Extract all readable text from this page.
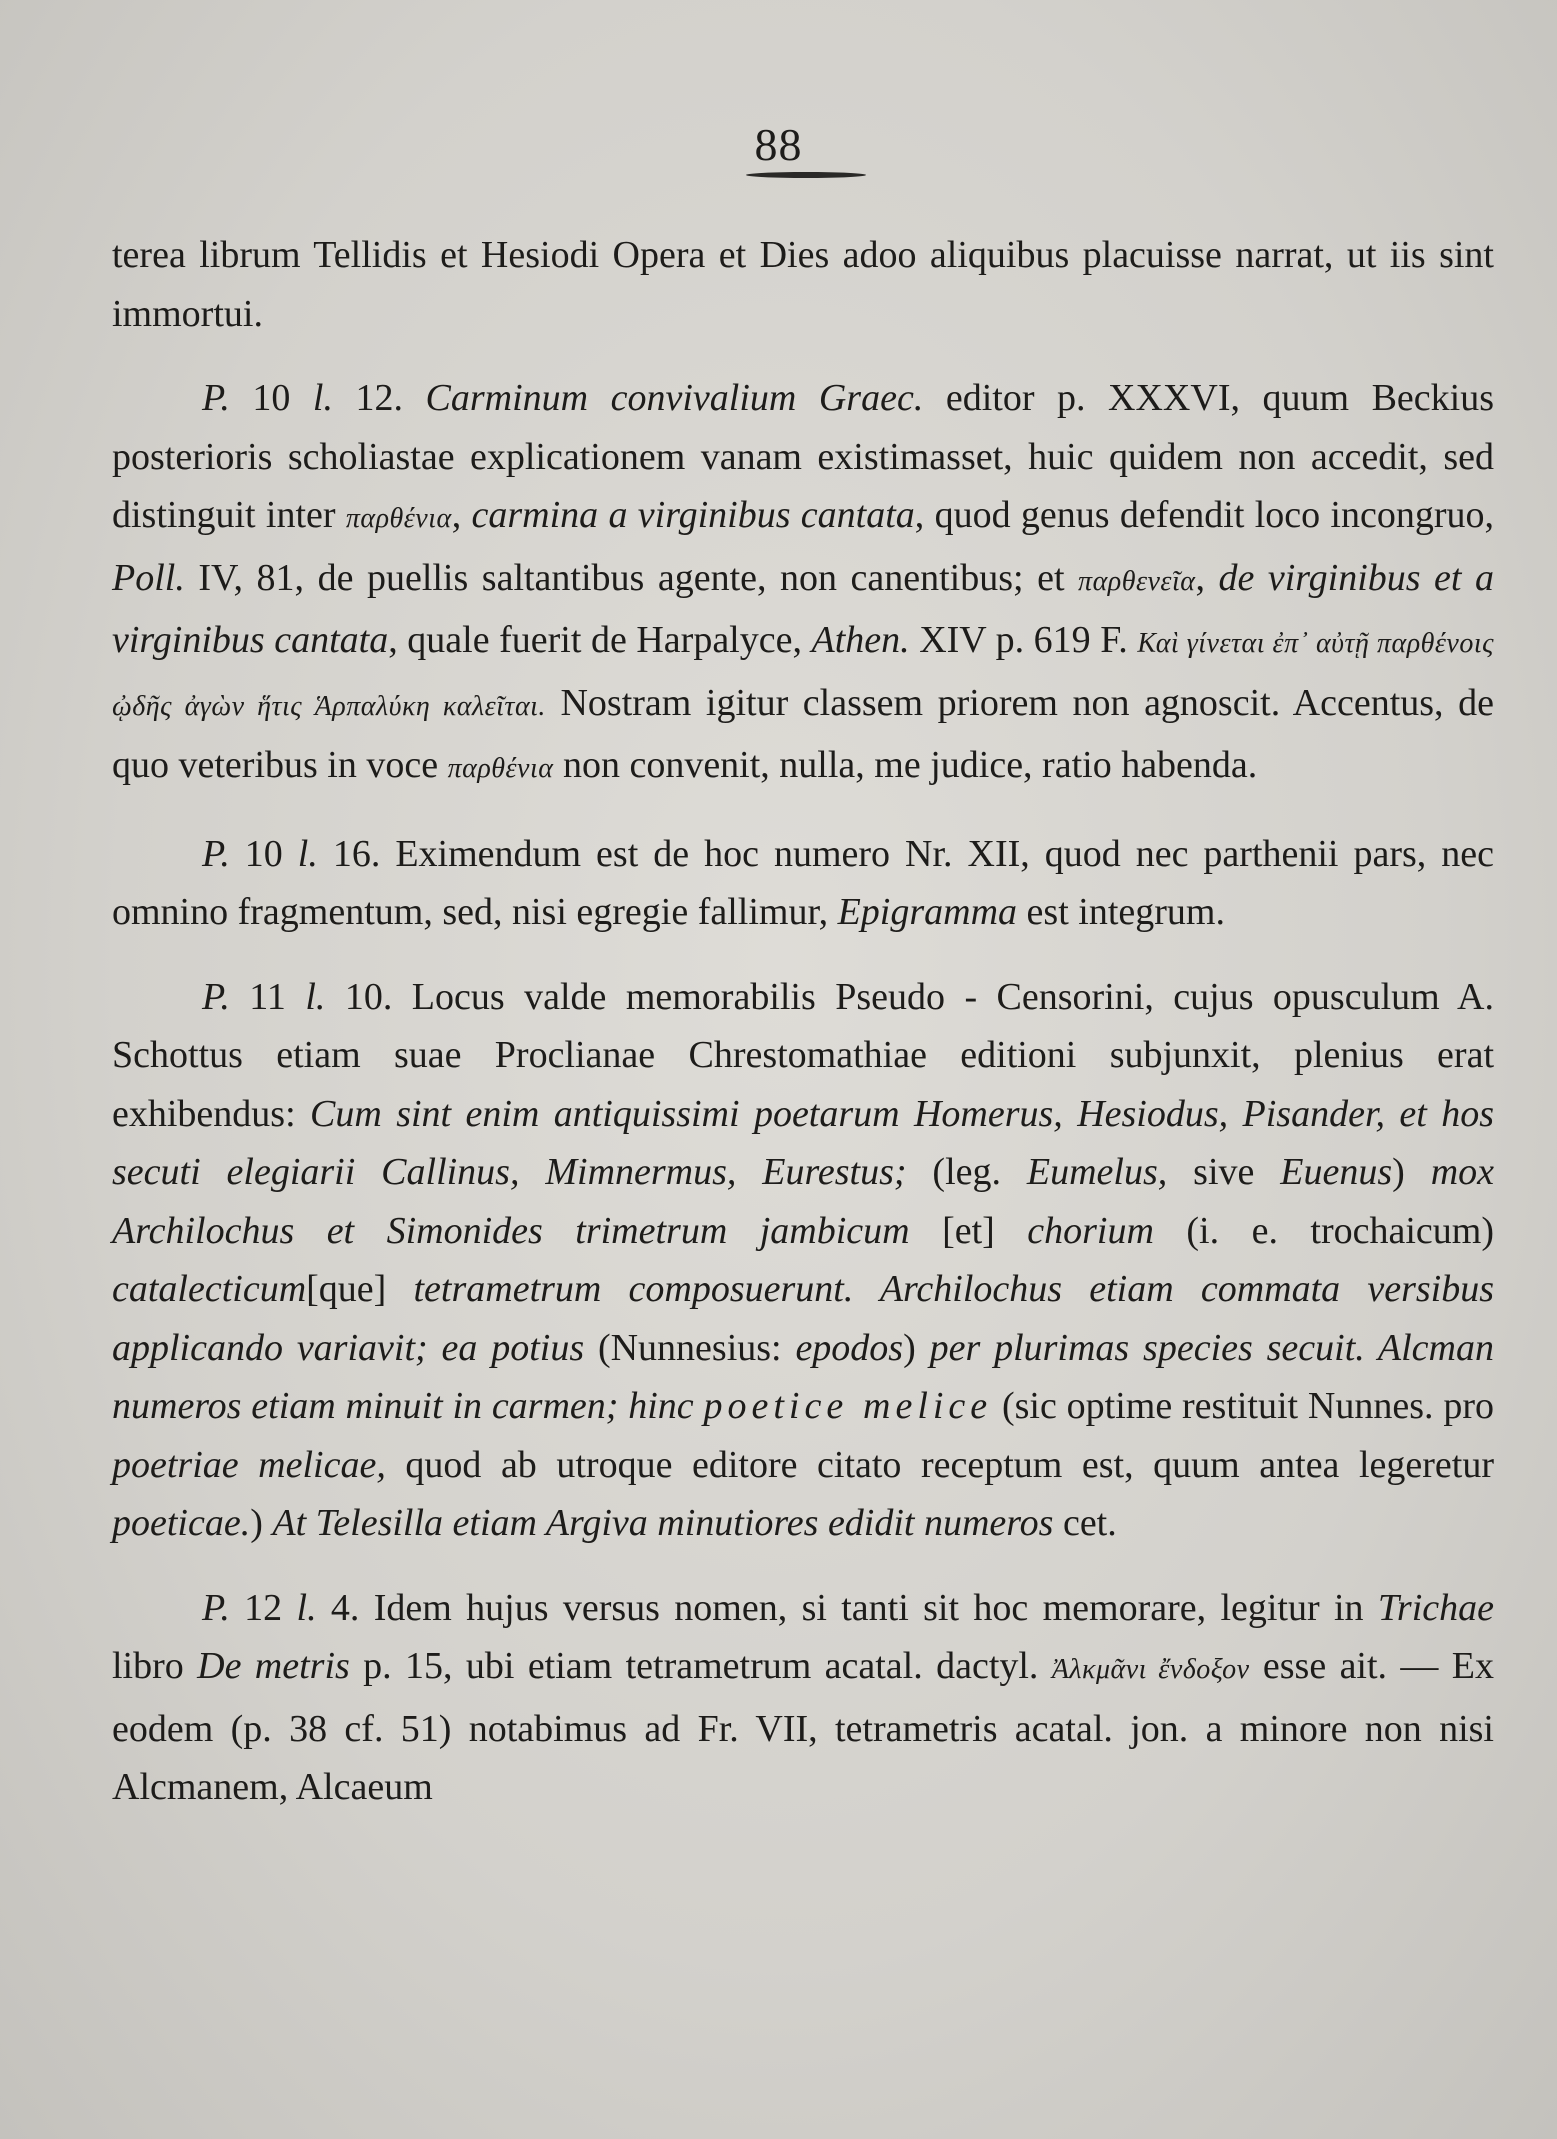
88

terea librum Tellidis et Hesiodi Opera et Dies adoo aliquibus placuisse narrat, ut iis sint immortui.

P. 10 l. 12. Carminum convivalium Graec. editor p. XXXVI, quum Beckius posterioris scholiastae explicationem vanam existimasset, huic quidem non accedit, sed distinguit inter παρθένια, carmina a virginibus cantata, quod genus defendit loco incongruo, Poll. IV, 81, de puellis saltantibus agente, non canentibus; et παρθενεῖα, de virginibus et a virginibus cantata, quale fuerit de Harpalyce, Athen. XIV p. 619 F. Καὶ γίνεται ἐπ᾽ αὐτῇ παρθένοις ᾠδῆς ἀγὼν ἥτις Ἁρπαλύκη καλεῖται. Nostram igitur classem priorem non agnoscit. Accentus, de quo veteribus in voce παρθένια non convenit, nulla, me judice, ratio habenda.

P. 10 l. 16. Eximendum est de hoc numero Nr. XII, quod nec parthenii pars, nec omnino fragmentum, sed, nisi egregie fallimur, Epigramma est integrum.

P. 11 l. 10. Locus valde memorabilis Pseudo - Censorini, cujus opusculum A. Schottus etiam suae Proclianae Chrestomathiae editioni subjunxit, plenius erat exhibendus: Cum sint enim antiquissimi poetarum Homerus, Hesiodus, Pisander, et hos secuti elegiarii Callinus, Mimnermus, Eurestus; (leg. Eumelus, sive Euenus) mox Archilochus et Simonides trimetrum jambicum [et] chorium (i. e. trochaicum) catalecticum[que] tetrametrum composuerunt. Archilochus etiam commata versibus applicando variavit; ea potius (Nunnesius: epodos) per plurimas species secuit. Alcman numeros etiam minuit in carmen; hinc poetice melice (sic optime restituit Nunnes. pro poetriae melicae, quod ab utroque editore citato receptum est, quum antea legeretur poeticae.) At Telesilla etiam Argiva minutiores edidit numeros cet.

P. 12 l. 4. Idem hujus versus nomen, si tanti sit hoc memorare, legitur in Trichae libro De metris p. 15, ubi etiam tetrametrum acatal. dactyl. Ἀλκμᾶνι ἔνδοξον esse ait. — Ex eodem (p. 38 cf. 51) notabimus ad Fr. VII, tetrametris acatal. jon. a minore non nisi Alcmanem, Alcaeum
